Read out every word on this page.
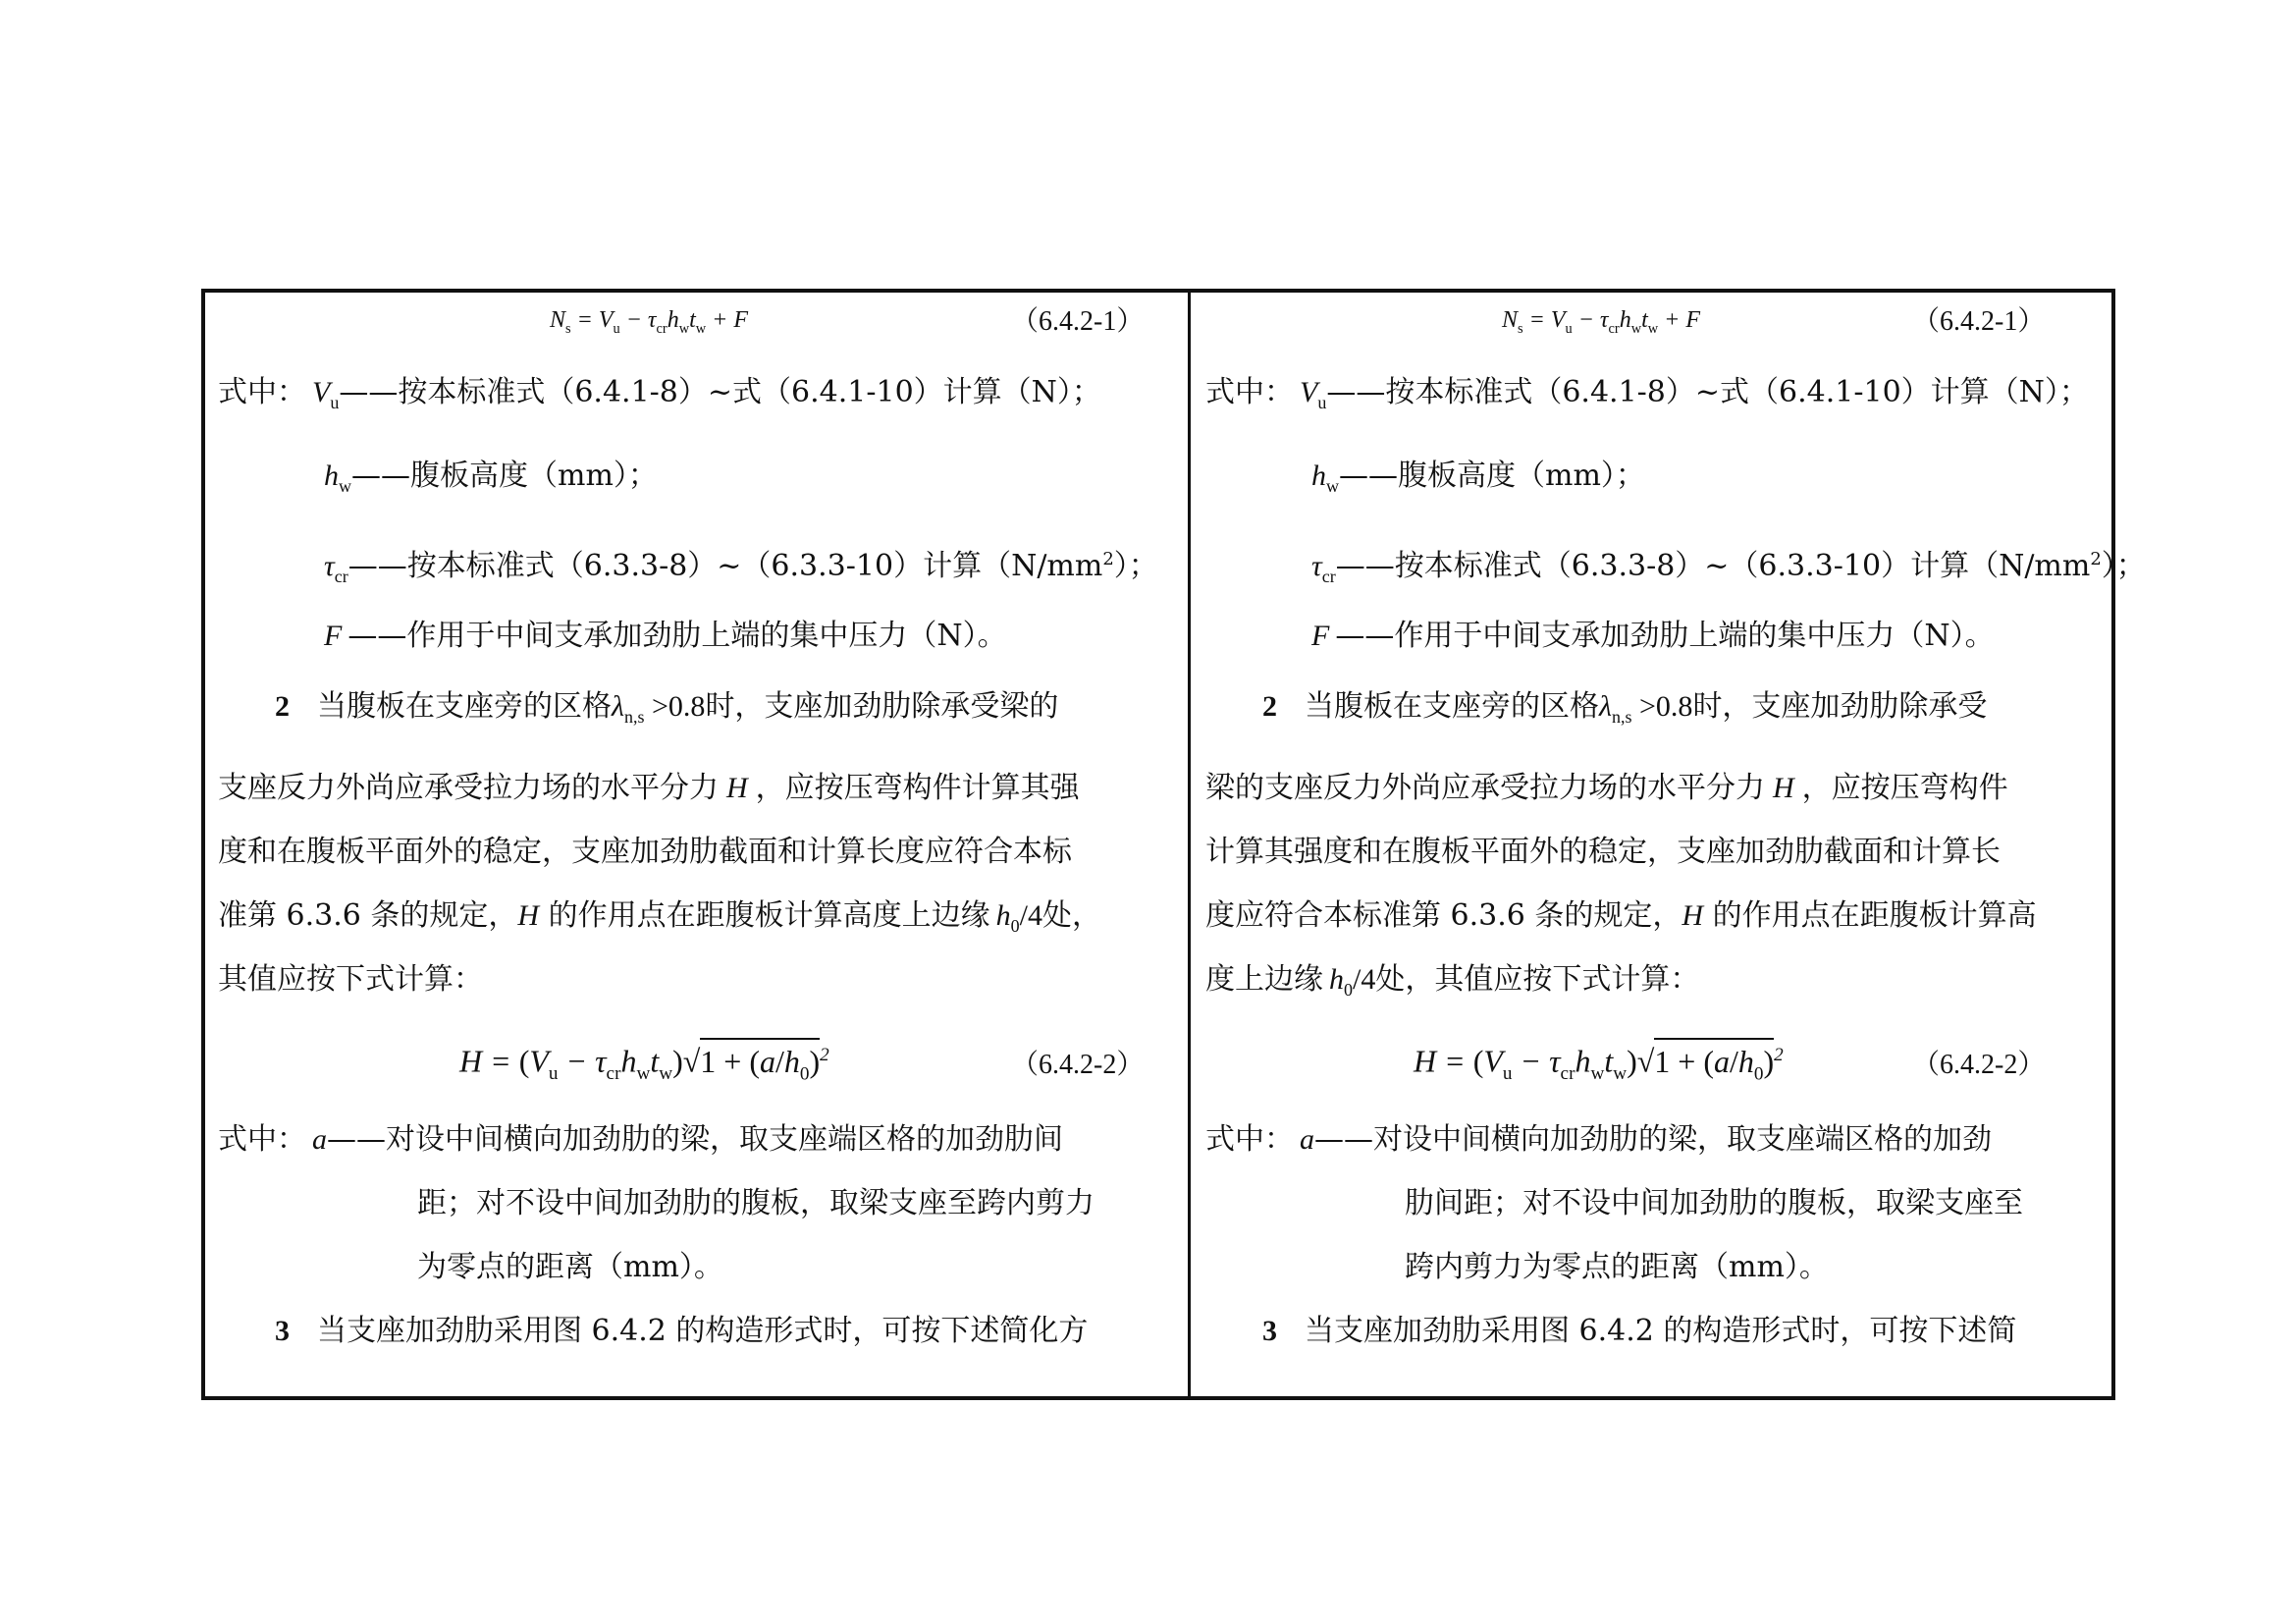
$N_s = V_u - \tau_{cr}h_wt_w + F$	（6.4.2-1）
式中： $V_u——$按本标准式（6.4.1-8）~式（6.4.1-10）计算（N）；
$h_w——$腹板高度（mm）；
$\tau_{cr}——$按本标准式（6.3.3-8）~（6.3.3-10）计算$(N/mm^2)$；
F ——作用于中间支承加劲肋上端的集中压力（N）。
2 当腹板在支座旁的区格$\lambda_{n,s} >0.8$时，支座加劲肋除承受梁的
支座反力外尚应承受拉力场的水平分力 H ，应按压弯构件计算其强
度和在腹板平面外的稳定，支座加劲肋截面和计算长度应符合本标
准第 6.3.6 条的规定，H 的作用点在距腹板计算高度上边缘 $h_0/4$处，
其值应按下式计算：
$H = (V_u - \tau_{cr}h_wt_w)√1 + (a/h_0)^2$	（6.4.2-2）
式中： a——对设中间横向加劲肋的梁，取支座端区格的加劲肋间
距；对不设中间加劲肋的腹板，取梁支座至跨内剪力
为零点的距离（mm）。
3 当支座加劲肋采用图 6.4.2 的构造形式时，可按下述简化方
$N_s = V_u - \tau_{cr}h_wt_w + F$	（6.4.2-1）
式中： $V_u——$按本标准式（6.4.1-8）~式（6.4.1-10）计算（N）；
$h_w——$腹板高度（mm）；
$\tau_{cr}——$按本标准式（6.3.3-8）~（6.3.3-10）计算$(N/mm^2)$；
F ——作用于中间支承加劲肋上端的集中压力（N）。
2 当腹板在支座旁的区格$\lambda_{n,s} >0.8$时，支座加劲肋除承受
梁的支座反力外尚应承受拉力场的水平分力 H ，应按压弯构件
计算其强度和在腹板平面外的稳定，支座加劲肋截面和计算长
度应符合本标准第 6.3.6 条的规定，H 的作用点在距腹板计算高
度上边缘 $h_0/4$处，其值应按下式计算：
$H = (V_u - \tau_{cr}h_wt_w)√1 + (a/h_0)^2$	（6.4.2-2）
式中： a——对设中间横向加劲肋的梁，取支座端区格的加劲
肋间距；对不设中间加劲肋的腹板，取梁支座至
跨内剪力为零点的距离（mm）。
3 当支座加劲肋采用图 6.4.2 的构造形式时，可按下述简
